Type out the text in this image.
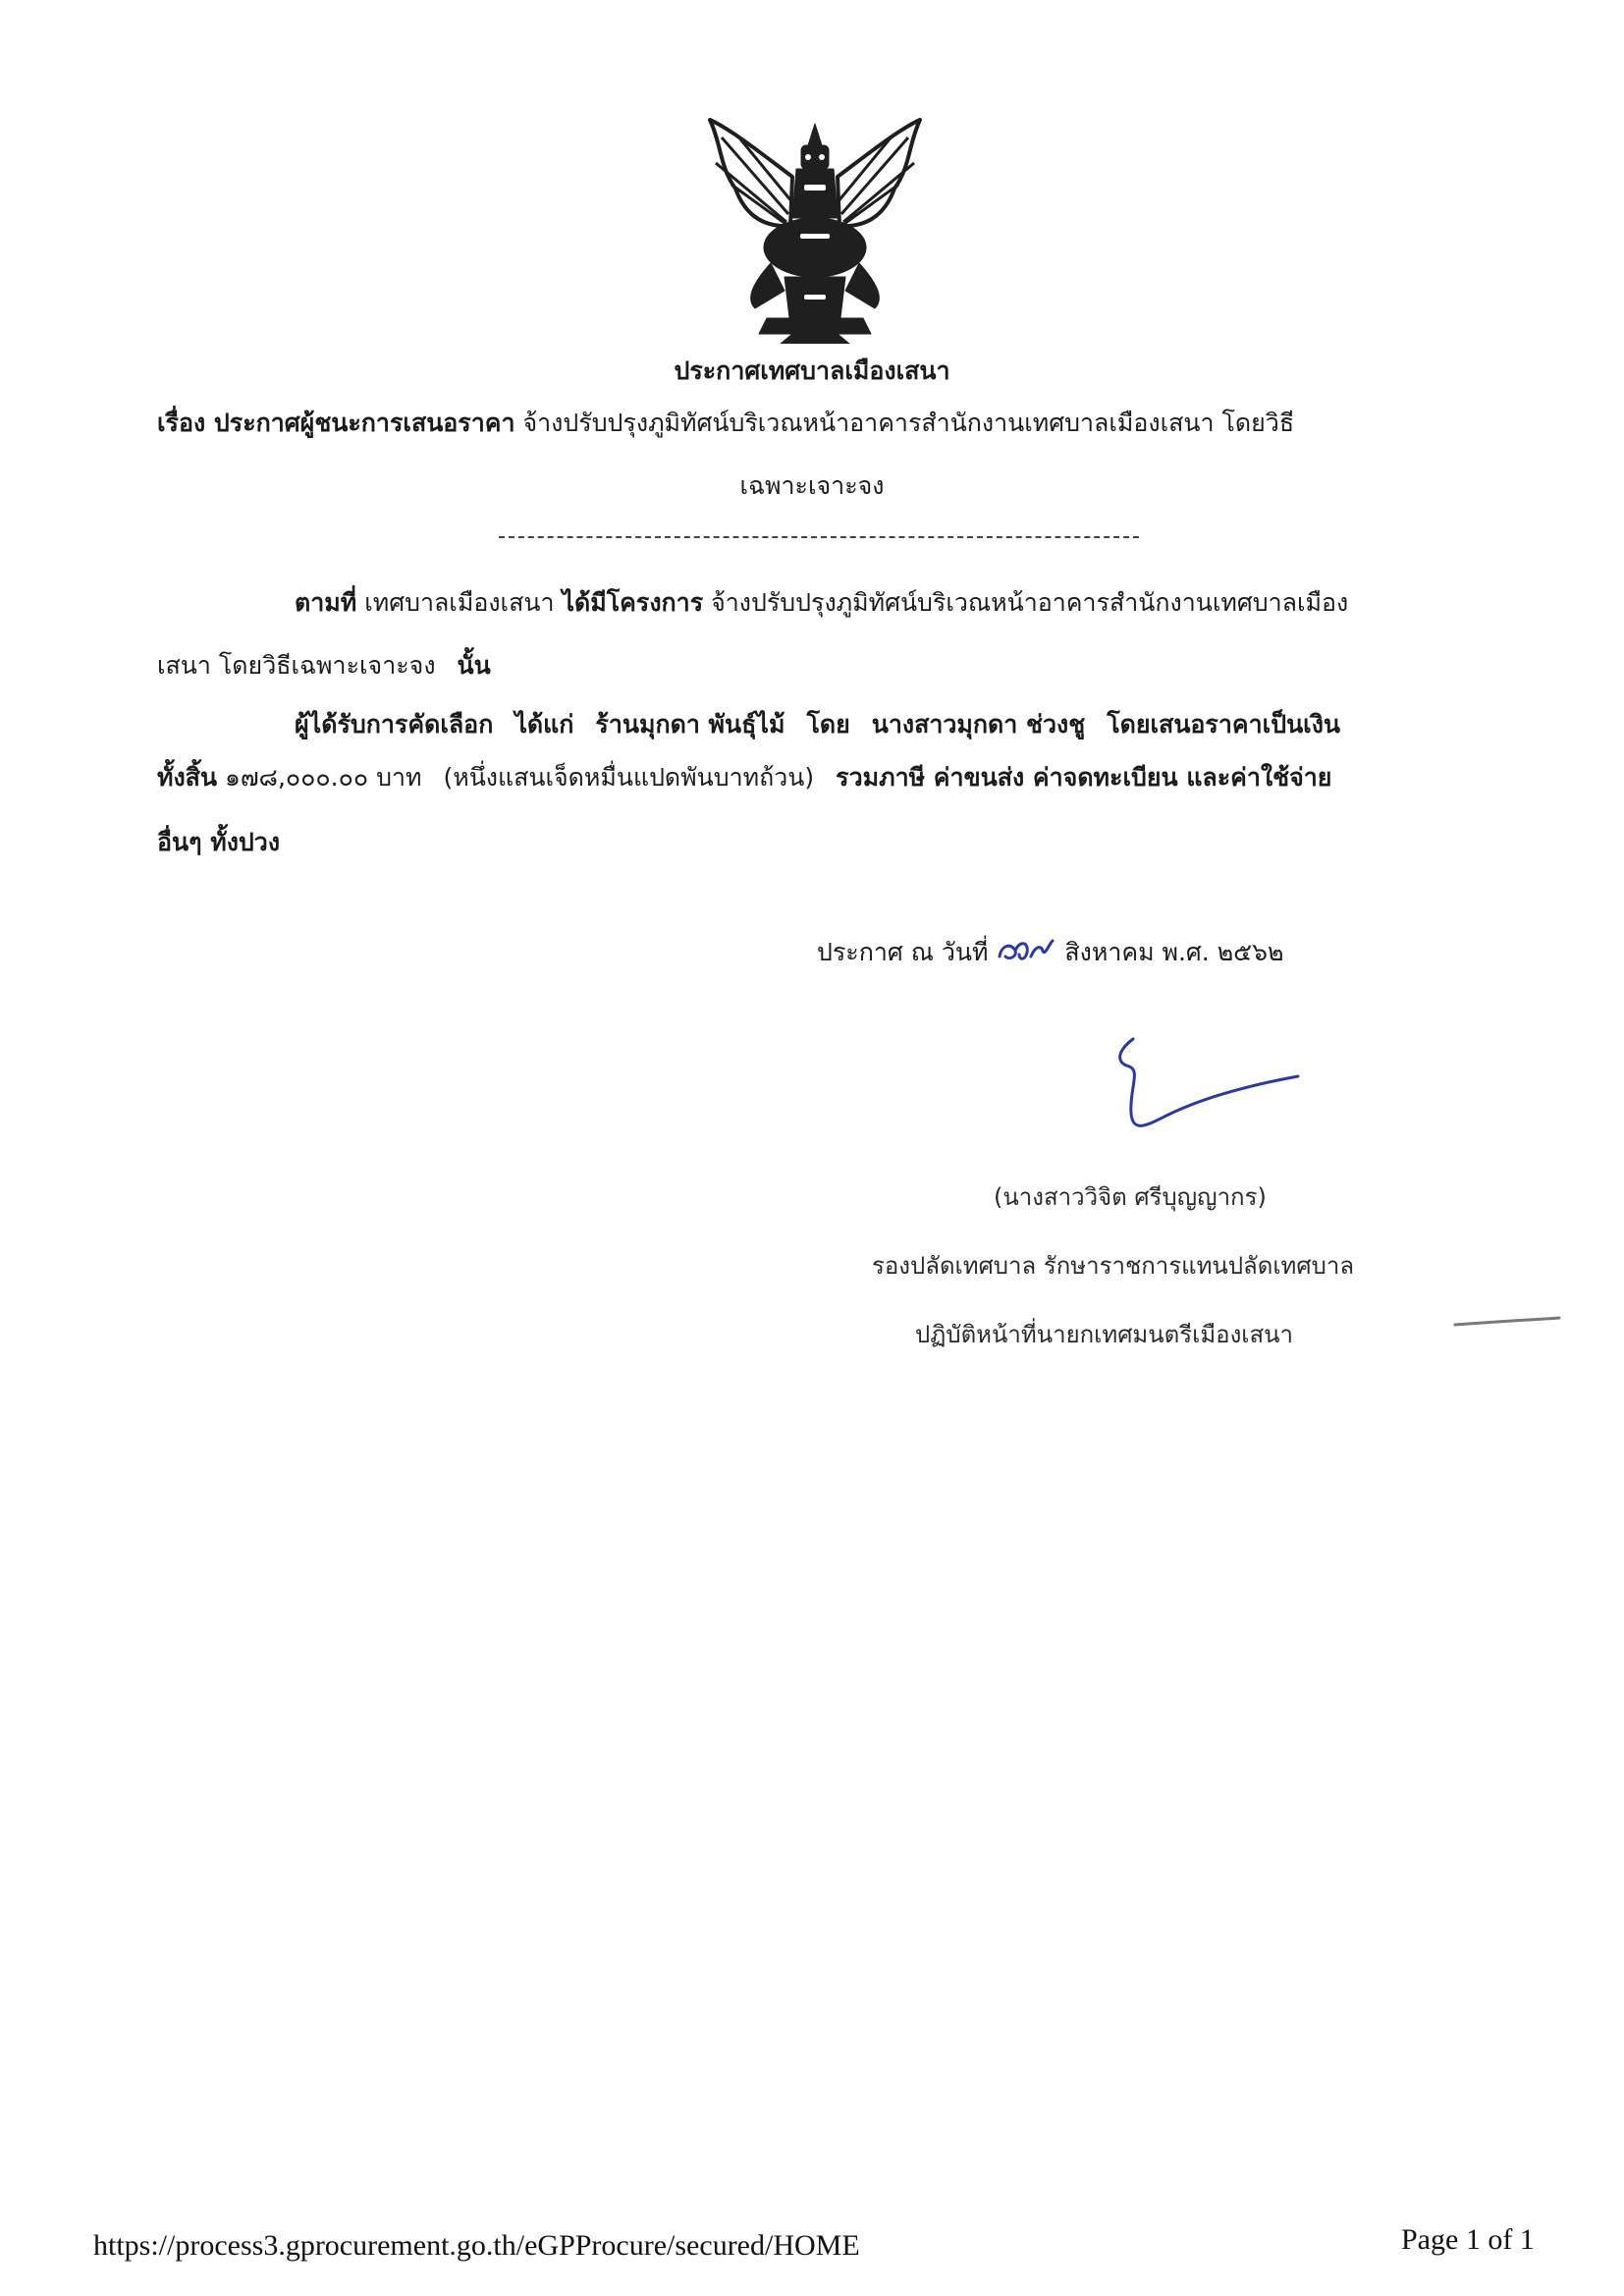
ประกาศเทศบาลเมืองเสนา
เรื่อง ประกาศผู้ชนะการเสนอราคา จ้างปรับปรุงภูมิทัศน์บริเวณหน้าอาคารสำนักงานเทศบาลเมืองเสนา โดยวิธี
เฉพาะเจาะจง
ตามที่ เทศบาลเมืองเสนา ได้มีโครงการ จ้างปรับปรุงภูมิทัศน์บริเวณหน้าอาคารสำนักงานเทศบาลเมือง
เสนา โดยวิธีเฉพาะเจาะจง นั้น
ผู้ได้รับการคัดเลือก ได้แก่ ร้านมุกดา พันธุ์ไม้ โดย นางสาวมุกดา ช่วงชู โดยเสนอราคาเป็นเงิน
ทั้งสิ้น ๑๗๘,๐๐๐.๐๐ บาท (หนึ่งแสนเจ็ดหมื่นแปดพันบาทถ้วน) รวมภาษี ค่าขนส่ง ค่าจดทะเบียน และค่าใช้จ่าย
อื่นๆ ทั้งปวง
ประกาศ ณ วันที่	สิงหาคม พ.ศ. ๒๕๖๒
(นางสาววิจิต ศรีบุญญากร)
รองปลัดเทศบาล รักษาราชการแทนปลัดเทศบาล
ปฏิบัติหน้าที่นายกเทศมนตรีเมืองเสนา
https://process3.gprocurement.go.th/eGPProcure/secured/HOME	Page 1 of 1
